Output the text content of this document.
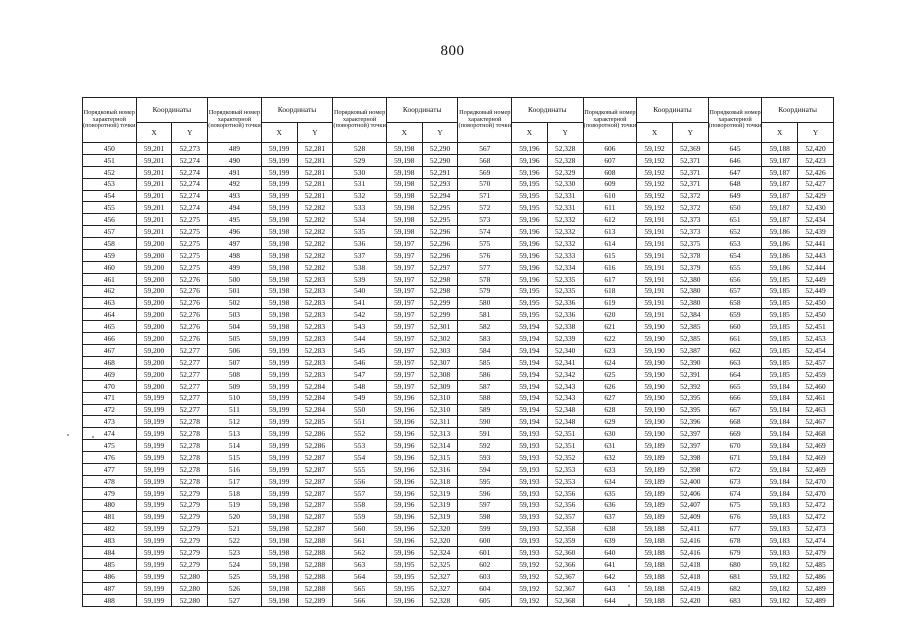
800
Порядковый номер характерной (поворотной) точки	Координаты		Порядковый номер характерной (поворотной) точки	Координаты		Порядковый номер характерной (поворотной) точки	Координаты		Порядковый номер характерной (поворотной) точки	Координаты		Порядковый номер характерной (поворотной) точки	Координаты		Порядковый номер характерной (поворотной) точки	Координаты	
	X	Y		X	Y		X	Y		X	Y		X	Y		X	Y
450	59,201	52,273	489	59,199	52,281	528	59,198	52,290	567	59,196	52,328	606	59,192	52,369	645	59,188	52,420
451	59,201	52,274	490	59,199	52,281	529	59,198	52,290	568	59,196	52,328	607	59,192	52,371	646	59,187	52,423
452	59,201	52,274	491	59,199	52,281	530	59,198	52,291	569	59,196	52,329	608	59,192	52,371	647	59,187	52,426
453	59,201	52,274	492	59,199	52,281	531	59,198	52,293	570	59,195	52,330	609	59,192	52,371	648	59,187	52,427
454	59,201	52,274	493	59,199	52,281	532	59,198	52,294	571	59,195	52,331	610	59,192	52,372	649	59,187	52,429
455	59,201	52,274	494	59,199	52,282	533	59,198	52,295	572	59,195	52,331	611	59,192	52,372	650	59,187	52,430
456	59,201	52,275	495	59,198	52,282	534	59,198	52,295	573	59,196	52,332	612	59,191	52,373	651	59,187	52,434
457	59,201	52,275	496	59,198	52,282	535	59,198	52,296	574	59,196	52,332	613	59,191	52,373	652	59,186	52,439
458	59,200	52,275	497	59,198	52,282	536	59,197	52,296	575	59,196	52,332	614	59,191	52,375	653	59,186	52,441
459	59,200	52,275	498	59,198	52,282	537	59,197	52,296	576	59,196	52,333	615	59,191	52,378	654	59,186	52,443
460	59,200	52,275	499	59,198	52,282	538	59,197	52,297	577	59,196	52,334	616	59,191	52,379	655	59,186	52,444
461	59,200	52,276	500	59,198	52,283	539	59,197	52,298	578	59,196	52,335	617	59,191	52,380	656	59,185	52,449
462	59,200	52,276	501	59,198	52,283	540	59,197	52,298	579	59,195	52,335	618	59,191	52,380	657	59,185	52,449
463	59,200	52,276	502	59,198	52,283	541	59,197	52,299	580	59,195	52,336	619	59,191	52,380	658	59,185	52,450
464	59,200	52,276	503	59,198	52,283	542	59,197	52,299	581	59,195	52,336	620	59,191	52,384	659	59,185	52,450
465	59,200	52,276	504	59,198	52,283	543	59,197	52,301	582	59,194	52,338	621	59,190	52,385	660	59,185	52,451
466	59,200	52,276	505	59,199	52,283	544	59,197	52,302	583	59,194	52,339	622	59,190	52,385	661	59,185	52,453
467	59,200	52,277	506	59,199	52,283	545	59,197	52,303	584	59,194	52,340	623	59,190	52,387	662	59,185	52,454
468	59,200	52,277	507	59,199	52,283	546	59,197	52,307	585	59,194	52,341	624	59,190	52,390	663	59,185	52,457
469	59,200	52,277	508	59,199	52,283	547	59,197	52,308	586	59,194	52,342	625	59,190	52,391	664	59,185	52,459
470	59,200	52,277	509	59,199	52,284	548	59,197	52,309	587	59,194	52,343	626	59,190	52,392	665	59,184	52,460
471	59,199	52,277	510	59,199	52,284	549	59,196	52,310	588	59,194	52,343	627	59,190	52,395	666	59,184	52,461
472	59,199	52,277	511	59,199	52,284	550	59,196	52,310	589	59,194	52,348	628	59,190	52,395	667	59,184	52,463
473	59,199	52,278	512	59,199	52,285	551	59,196	52,311	590	59,194	52,348	629	59,190	52,396	668	59,184	52,467
474	59,199	52,278	513	59,199	52,286	552	59,196	52,313	591	59,193	52,351	630	59,190	52,397	669	59,184	52,468
475	59,199	52,278	514	59,199	52,286	553	59,196	52,314	592	59,193	52,351	631	59,189	52,397	670	59,184	52,469
476	59,199	52,278	515	59,199	52,287	554	59,196	52,315	593	59,193	52,352	632	59,189	52,398	671	59,184	52,469
477	59,199	52,278	516	59,199	52,287	555	59,196	52,316	594	59,193	52,353	633	59,189	52,398	672	59,184	52,469
478	59,199	52,278	517	59,199	52,287	556	59,196	52,318	595	59,193	52,353	634	59,189	52,400	673	59,184	52,470
479	59,199	52,279	518	59,199	52,287	557	59,196	52,319	596	59,193	52,356	635	59,189	52,406	674	59,184	52,470
480	59,199	52,279	519	59,198	52,287	558	59,196	52,319	597	59,193	52,356	636	59,189	52,407	675	59,183	52,472
481	59,199	52,279	520	59,198	52,287	559	59,196	52,319	598	59,193	52,357	637	59,189	52,409	676	59,183	52,472
482	59,199	52,279	521	59,198	52,287	560	59,196	52,320	599	59,193	52,358	638	59,188	52,411	677	59,183	52,473
483	59,199	52,279	522	59,198	52,288	561	59,196	52,320	600	59,193	52,359	639	59,188	52,416	678	59,183	52,474
484	59,199	52,279	523	59,198	52,288	562	59,196	52,324	601	59,193	52,360	640	59,188	52,416	679	59,183	52,479
485	59,199	52,279	524	59,198	52,288	563	59,195	52,325	602	59,192	52,366	641	59,188	52,418	680	59,182	52,485
486	59,199	52,280	525	59,198	52,288	564	59,195	52,327	603	59,192	52,367	642	59,188	52,418	681	59,182	52,486
487	59,199	52,280	526	59,198	52,288	565	59,195	52,327	604	59,192	52,367	643	59,188	52,419	682	59,182	52,489
488	59,199	52,280	527	59,198	52,289	566	59,196	52,328	605	59,192	52,368	644	59,188	52,420	683	59,182	52,489
